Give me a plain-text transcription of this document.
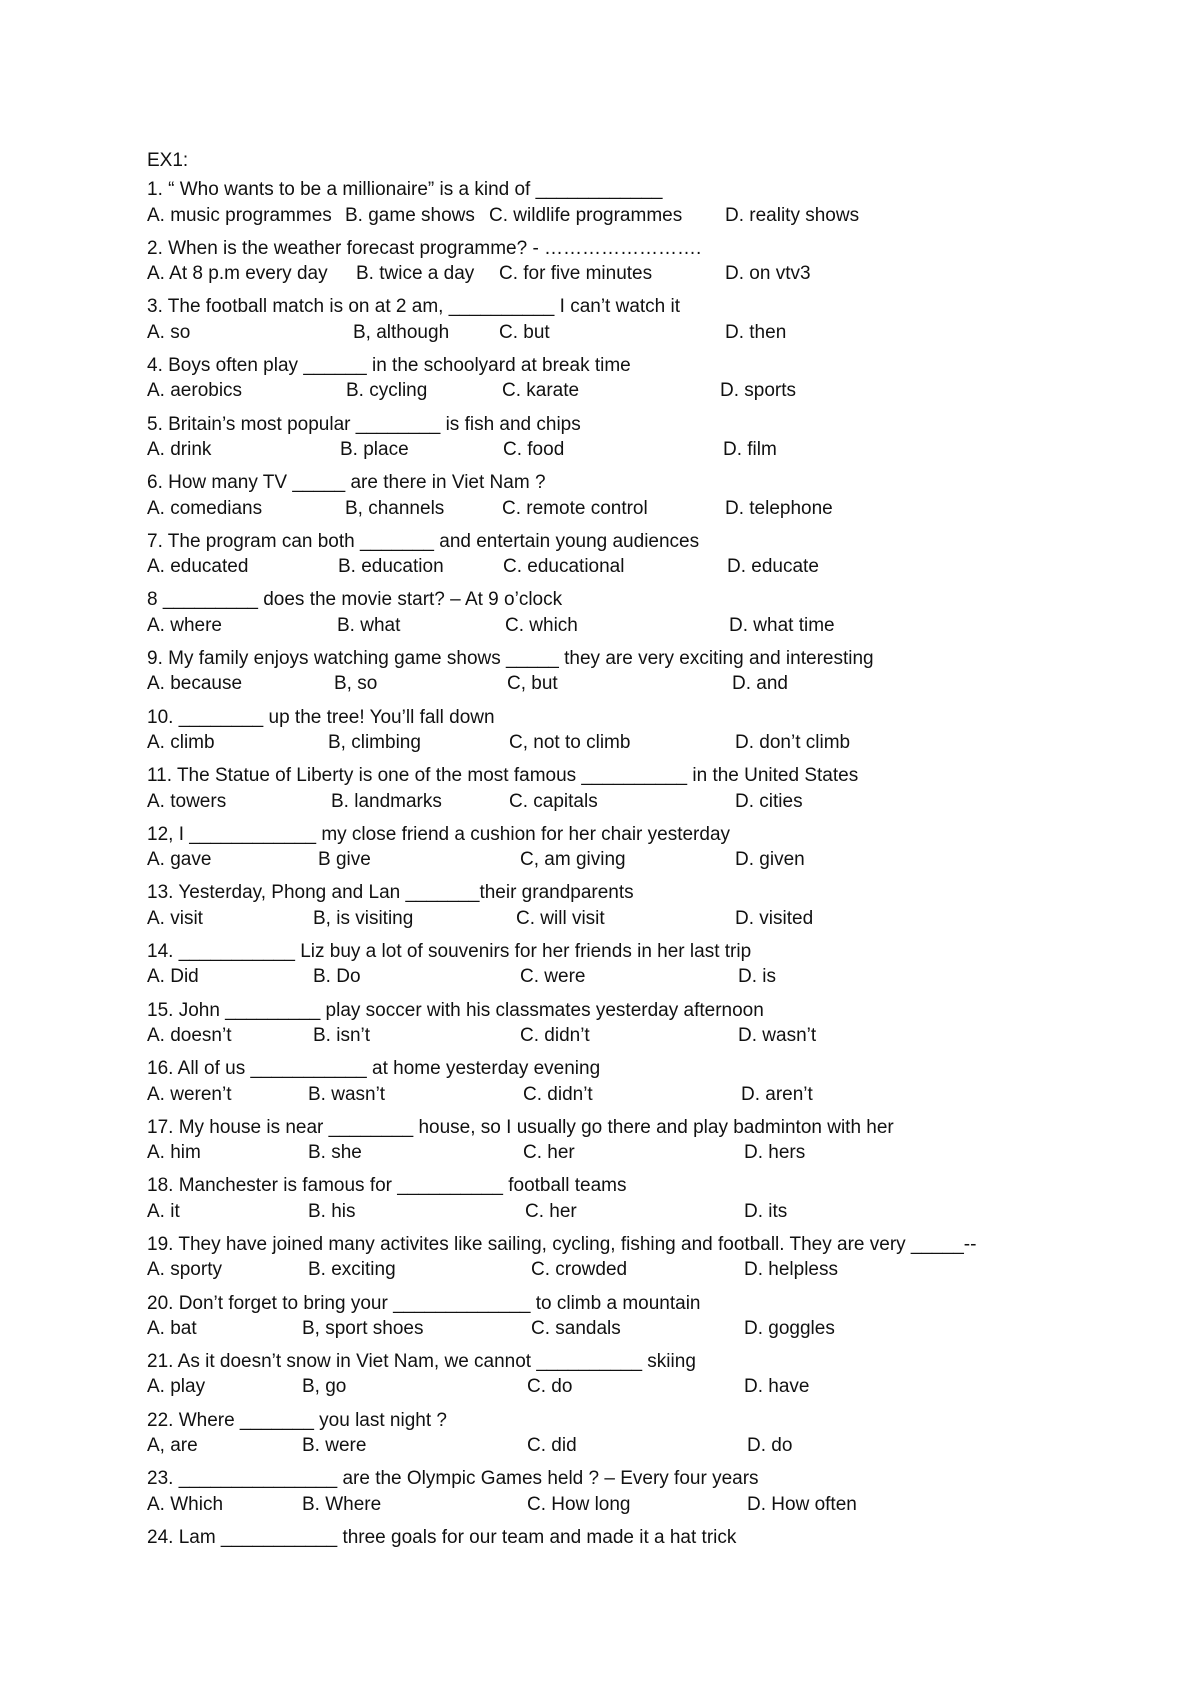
EX1:
1. “ Who wants to be a millionaire” is a kind of ____________
A. music programmes B. game shows C. wildlife programmes D. reality shows
2. When is the weather forecast programme? - …………………….
A. At 8 p.m every day B. twice a day C. for five minutes	D. on vtv3
3. The football match is on at 2 am, __________ I can’t watch it
A. so	B, although	C. but	D. then
4. Boys often play ______ in the schoolyard at break time
A. aerobics	B. cycling	C. karate	D. sports
5. Britain’s most popular ________ is fish and chips
A. drink	B. place	C. food	D. film
6. How many TV _____ are there in Viet Nam ?
A. comedians	B, channels	C. remote control	D. telephone
7. The program can both _______ and entertain young audiences
A. educated	B. education	C. educational	D. educate
8 _________ does the movie start? – At 9 o’clock
A. where	B. what	C. which	D. what time
9. My family enjoys watching game shows _____ they are very exciting and interesting
A. because	B, so	C, but	D. and
10. ________ up the tree! You’ll fall down
A. climb	B, climbing	C, not to climb	D. don’t climb
11. The Statue of Liberty is one of the most famous __________ in the United States
A. towers	B. landmarks	C. capitals	D. cities
12, I ____________ my close friend a cushion for her chair yesterday
A. gave	B give	C, am giving	D. given
13. Yesterday, Phong and Lan _______their grandparents
A. visit	B, is visiting	C. will visit	D. visited
14. ___________ Liz buy a lot of souvenirs for her friends in her last trip
A. Did	B. Do	C. were	D. is
15. John _________ play soccer with his classmates yesterday afternoon
A. doesn’t	B. isn’t	C. didn’t	D. wasn’t
16. All of us ___________ at home yesterday evening
A. weren’t	B. wasn’t	C. didn’t	D. aren’t
17. My house is near ________ house, so I usually go there and play badminton with her
A. him	B. she	C. her	D. hers
18. Manchester is famous for __________ football teams
A. it	B. his	C. her	D. its
19. They have joined many activites like sailing, cycling, fishing and football. They are very _____--
A. sporty	B. exciting	C. crowded	D. helpless
20. Don’t forget to bring your _____________ to climb a mountain
A. bat	B, sport shoes	C. sandals	D. goggles
21. As it doesn’t snow in Viet Nam, we cannot __________ skiing
A. play	B, go	C. do	D. have
22. Where _______ you last night ?
A, are	B. were	C. did	D. do
23. _______________ are the Olympic Games held ? – Every four years
A. Which	B. Where	C. How long	D. How often
24. Lam ___________ three goals for our team and made it a hat trick
